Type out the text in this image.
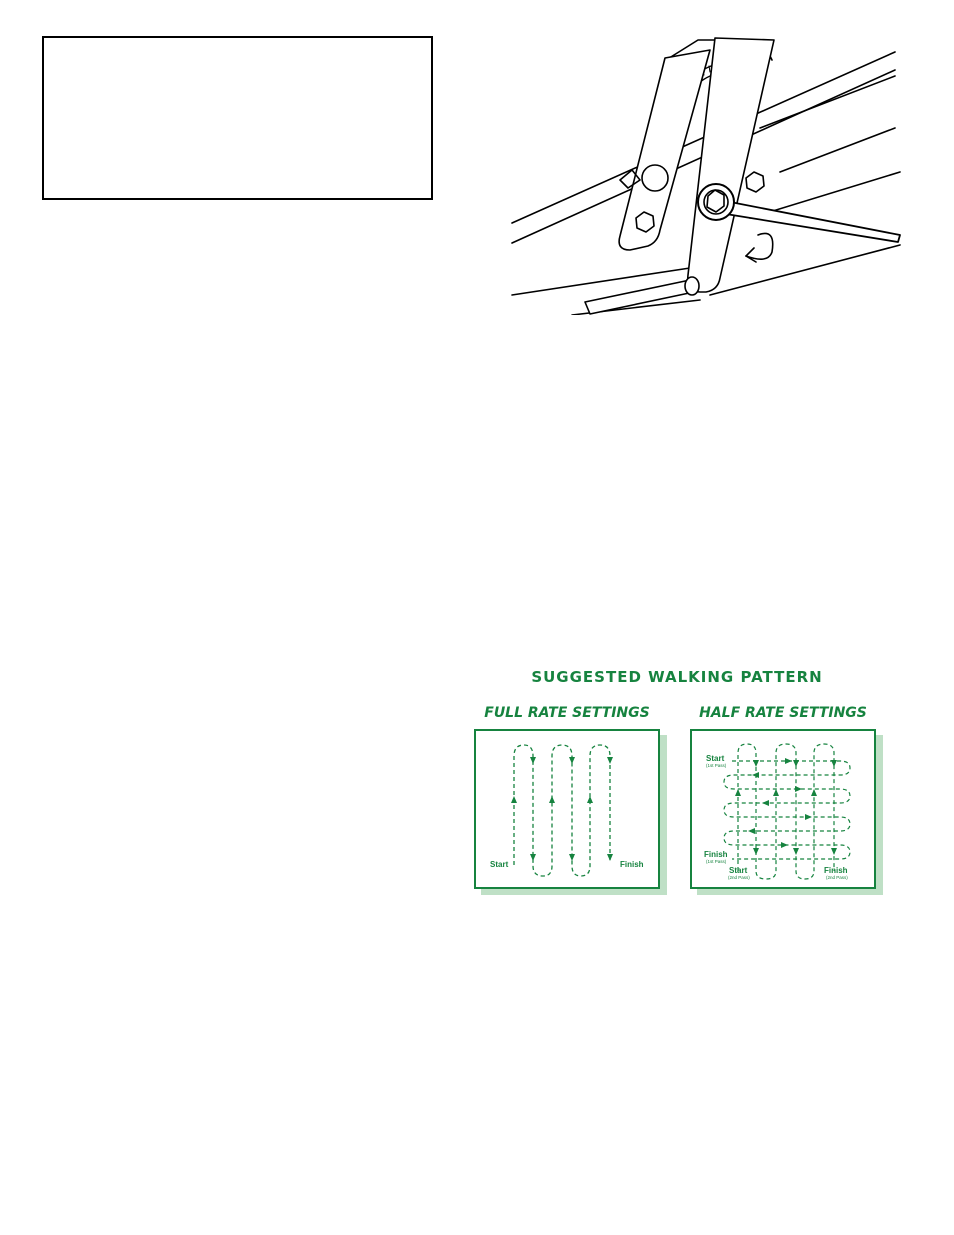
SUGGESTED WALKING PATTERN
FULL RATE SETTINGS	HALF RATE SETTINGS
Start	Finish
Start
(1st Pass)
Finish
(1st Pass)
Start
(2nd Pass)
Finish
(2nd Pass)
